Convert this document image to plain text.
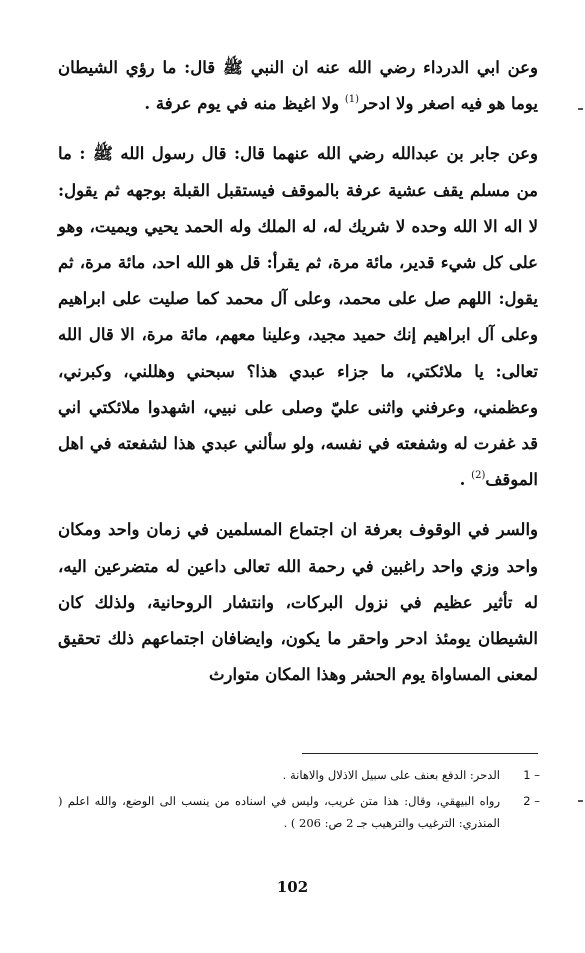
وعن ابي الدرداء رضي الله عنه ان النبي ﷺ قال: ما رؤي الشيطان يوما هو فيه اصغر ولا ادحر$^{(1)}$ ولا اغيظ منه في يوم عرفة .

وعن جابر بن عبدالله رضي الله عنهما قال: قال رسول الله ﷺ : ما من مسلم يقف عشية عرفة بالموقف فيستقبل القبلة بوجهه ثم يقول: لا اله الا الله وحده لا شريك له، له الملك وله الحمد يحيي ويميت، وهو على كل شيء قدير، مائة مرة، ثم يقرأ: قل هو الله احد، مائة مرة، ثم يقول: اللهم صل على محمد، وعلى آل محمد كما صليت على ابراهيم وعلى آل ابراهيم إنك حميد مجيد، وعلينا معهم، مائة مرة، الا قال الله تعالى: يا ملائكتي، ما جزاء عبدي هذا؟ سبحني وهللني، وكبرني، وعظمني، وعرفني واثنى عليّ وصلى على نبيي، اشهدوا ملائكتي اني قد غفرت له وشفعته في نفسه، ولو سألني عبدي هذا لشفعته في اهل الموقف$^{(2)}$ .

والسر في الوقوف بعرفة ان اجتماع المسلمين في زمان واحد ومكان واحد وزي واحد راغبين في رحمة الله تعالى داعين له متضرعين اليه، له تأثير عظيم في نزول البركات، وانتشار الروحانية، ولذلك كان الشيطان يومئذ ادحر واحقر ما يكون، وايضافان اجتماعهم ذلك تحقيق لمعنى المساواة يوم الحشر وهذا المكان متوارث

1 –
الدحر: الدفع بعنف على سبيل الاذلال والاهانة .
2 –
رواه البيهقي، وقال: هذا متن غريب، وليس في اسناده من ينسب الى الوضع، والله اعلم ( المنذري: الترغيب والترهيب جـ 2 ص: 206 ) .
102
